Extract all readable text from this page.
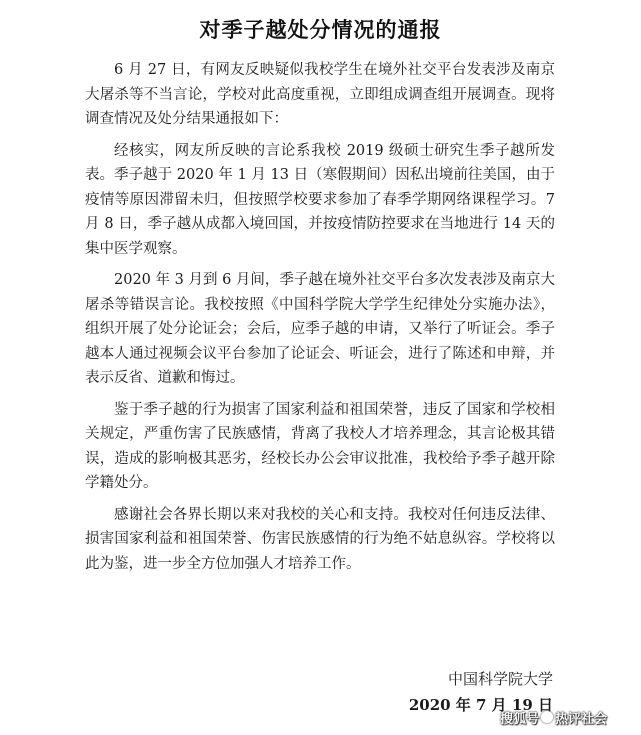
对季子越处分情况的通报

6 月 27 日，有网友反映疑似我校学生在境外社交平台发表涉及南京大屠杀等不当言论，学校对此高度重视，立即组成调查组开展调查。现将调查情况及处分结果通报如下：

经核实，网友所反映的言论系我校 2019 级硕士研究生季子越所发表。季子越于 2020 年 1 月 13 日（寒假期间）因私出境前往美国，由于疫情等原因滞留未归，但按照学校要求参加了春季学期网络课程学习。7 月 8 日，季子越从成都入境回国，并按疫情防控要求在当地进行 14 天的集中医学观察。

2020 年 3 月到 6 月间，季子越在境外社交平台多次发表涉及南京大屠杀等错误言论。我校按照《中国科学院大学学生纪律处分实施办法》，组织开展了处分论证会；会后，应季子越的申请，又举行了听证会。季子越本人通过视频会议平台参加了论证会、听证会，进行了陈述和申辩，并表示反省、道歉和悔过。

鉴于季子越的行为损害了国家利益和祖国荣誉，违反了国家和学校相关规定，严重伤害了民族感情，背离了我校人才培养理念，其言论极其错误，造成的影响极其恶劣，经校长办公会审议批准，我校给予季子越开除学籍处分。

感谢社会各界长期以来对我校的关心和支持。我校对任何违反法律、损害国家利益和祖国荣誉、伤害民族感情的行为绝不姑息纵容。学校将以此为鉴，进一步全方位加强人才培养工作。

中国科学院大学
2020 年 7 月 19 日
搜狐号 热评社会
